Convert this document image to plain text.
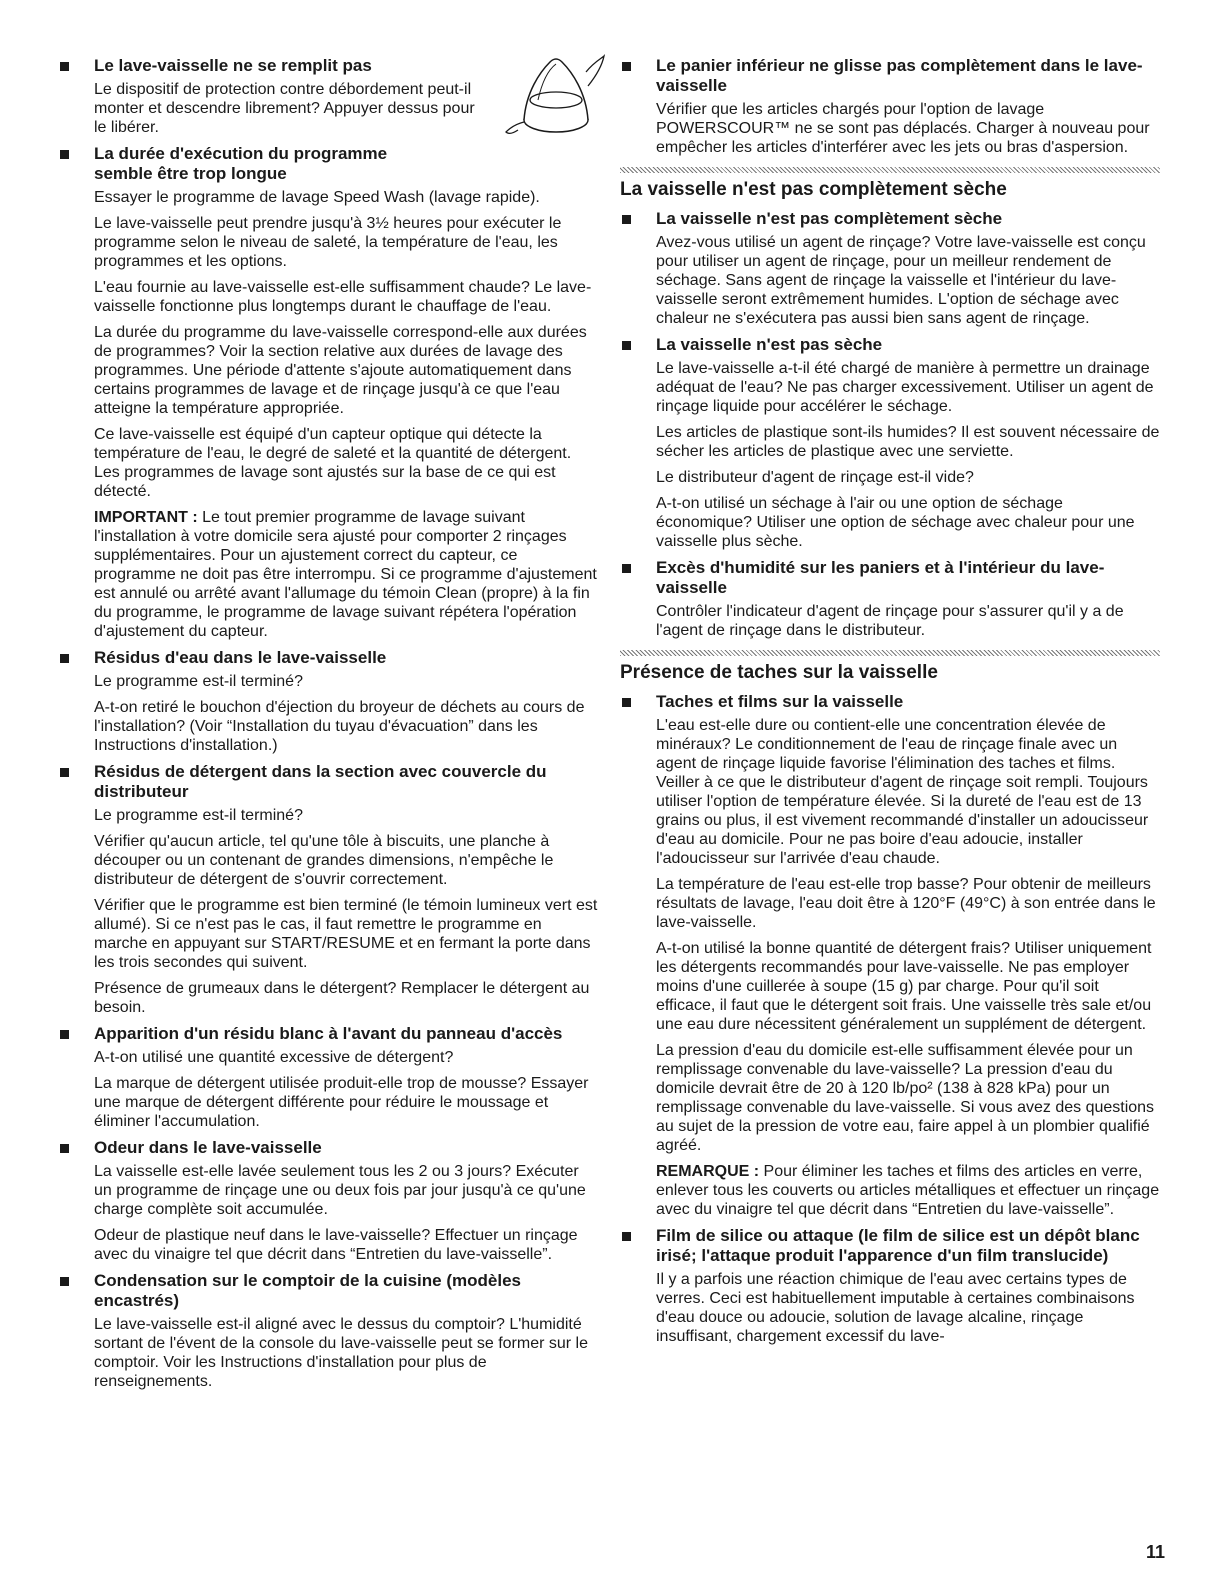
Le lave-vaisselle ne se remplit pas

Le dispositif de protection contre débordement peut-il monter et descendre librement? Appuyer dessus pour le libérer.

La durée d'exécution du programme semble être trop longue

Essayer le programme de lavage Speed Wash (lavage rapide).

Le lave-vaisselle peut prendre jusqu'à 3½ heures pour exécuter le programme selon le niveau de saleté, la température de l'eau, les programmes et les options.

L'eau fournie au lave-vaisselle est-elle suffisamment chaude? Le lave-vaisselle fonctionne plus longtemps durant le chauffage de l'eau.

La durée du programme du lave-vaisselle correspond-elle aux durées de programmes? Voir la section relative aux durées de lavage des programmes. Une période d'attente s'ajoute automatiquement dans certains programmes de lavage et de rinçage jusqu'à ce que l'eau atteigne la température appropriée.

Ce lave-vaisselle est équipé d'un capteur optique qui détecte la température de l'eau, le degré de saleté et la quantité de détergent. Les programmes de lavage sont ajustés sur la base de ce qui est détecté.

IMPORTANT : Le tout premier programme de lavage suivant l'installation à votre domicile sera ajusté pour comporter 2 rinçages supplémentaires. Pour un ajustement correct du capteur, ce programme ne doit pas être interrompu. Si ce programme d'ajustement est annulé ou arrêté avant l'allumage du témoin Clean (propre) à la fin du programme, le programme de lavage suivant répétera l'opération d'ajustement du capteur.

Résidus d'eau dans le lave-vaisselle

Le programme est-il terminé?

A-t-on retiré le bouchon d'éjection du broyeur de déchets au cours de l'installation? (Voir “Installation du tuyau d'évacuation” dans les Instructions d'installation.)

Résidus de détergent dans la section avec couvercle du distributeur

Le programme est-il terminé?

Vérifier qu'aucun article, tel qu'une tôle à biscuits, une planche à découper ou un contenant de grandes dimensions, n'empêche le distributeur de détergent de s'ouvrir correctement.

Vérifier que le programme est bien terminé (le témoin lumineux vert est allumé). Si ce n'est pas le cas, il faut remettre le programme en marche en appuyant sur START/RESUME et en fermant la porte dans les trois secondes qui suivent.

Présence de grumeaux dans le détergent? Remplacer le détergent au besoin.

Apparition d'un résidu blanc à l'avant du panneau d'accès

A-t-on utilisé une quantité excessive de détergent?

La marque de détergent utilisée produit-elle trop de mousse? Essayer une marque de détergent différente pour réduire le moussage et éliminer l'accumulation.

Odeur dans le lave-vaisselle

La vaisselle est-elle lavée seulement tous les 2 ou 3 jours? Exécuter un programme de rinçage une ou deux fois par jour jusqu'à ce qu'une charge complète soit accumulée.

Odeur de plastique neuf dans le lave-vaisselle? Effectuer un rinçage avec du vinaigre tel que décrit dans “Entretien du lave-vaisselle”.

Condensation sur le comptoir de la cuisine (modèles encastrés)

Le lave-vaisselle est-il aligné avec le dessus du comptoir? L'humidité sortant de l'évent de la console du lave-vaisselle peut se former sur le comptoir. Voir les Instructions d'installation pour plus de renseignements.

Le panier inférieur ne glisse pas complètement dans le lave-vaisselle

Vérifier que les articles chargés pour l'option de lavage POWERSCOUR™ ne se sont pas déplacés. Charger à nouveau pour empêcher les articles d'interférer avec les jets ou bras d'aspersion.

La vaisselle n'est pas complètement sèche
La vaisselle n'est pas complètement sèche

Avez-vous utilisé un agent de rinçage? Votre lave-vaisselle est conçu pour utiliser un agent de rinçage, pour un meilleur rendement de séchage. Sans agent de rinçage la vaisselle et l'intérieur du lave-vaisselle seront extrêmement humides. L'option de séchage avec chaleur ne s'exécutera pas aussi bien sans agent de rinçage.

La vaisselle n'est pas sèche

Le lave-vaisselle a-t-il été chargé de manière à permettre un drainage adéquat de l'eau? Ne pas charger excessivement. Utiliser un agent de rinçage liquide pour accélérer le séchage.

Les articles de plastique sont-ils humides? Il est souvent nécessaire de sécher les articles de plastique avec une serviette.

Le distributeur d'agent de rinçage est-il vide?

A-t-on utilisé un séchage à l'air ou une option de séchage économique? Utiliser une option de séchage avec chaleur pour une vaisselle plus sèche.

Excès d'humidité sur les paniers et à l'intérieur du lave-vaisselle

Contrôler l'indicateur d'agent de rinçage pour s'assurer qu'il y a de l'agent de rinçage dans le distributeur.

Présence de taches sur la vaisselle
Taches et films sur la vaisselle

L'eau est-elle dure ou contient-elle une concentration élevée de minéraux? Le conditionnement de l'eau de rinçage finale avec un agent de rinçage liquide favorise l'élimination des taches et films. Veiller à ce que le distributeur d'agent de rinçage soit rempli. Toujours utiliser l'option de température élevée. Si la dureté de l'eau est de 13 grains ou plus, il est vivement recommandé d'installer un adoucisseur d'eau au domicile. Pour ne pas boire d'eau adoucie, installer l'adoucisseur sur l'arrivée d'eau chaude.

La température de l'eau est-elle trop basse? Pour obtenir de meilleurs résultats de lavage, l'eau doit être à 120°F (49°C) à son entrée dans le lave-vaisselle.

A-t-on utilisé la bonne quantité de détergent frais? Utiliser uniquement les détergents recommandés pour lave-vaisselle. Ne pas employer moins d'une cuillerée à soupe (15 g) par charge. Pour qu'il soit efficace, il faut que le détergent soit frais. Une vaisselle très sale et/ou une eau dure nécessitent généralement un supplément de détergent.

La pression d'eau du domicile est-elle suffisamment élevée pour un remplissage convenable du lave-vaisselle? La pression d'eau du domicile devrait être de 20 à 120 lb/po² (138 à 828 kPa) pour un remplissage convenable du lave-vaisselle. Si vous avez des questions au sujet de la pression de votre eau, faire appel à un plombier qualifié agréé.

REMARQUE : Pour éliminer les taches et films des articles en verre, enlever tous les couverts ou articles métalliques et effectuer un rinçage avec du vinaigre tel que décrit dans “Entretien du lave-vaisselle”.

Film de silice ou attaque (le film de silice est un dépôt blanc irisé; l'attaque produit l'apparence d'un film translucide)

Il y a parfois une réaction chimique de l'eau avec certains types de verres. Ceci est habituellement imputable à certaines combinaisons d'eau douce ou adoucie, solution de lavage alcaline, rinçage insuffisant, chargement excessif du lave-

11
